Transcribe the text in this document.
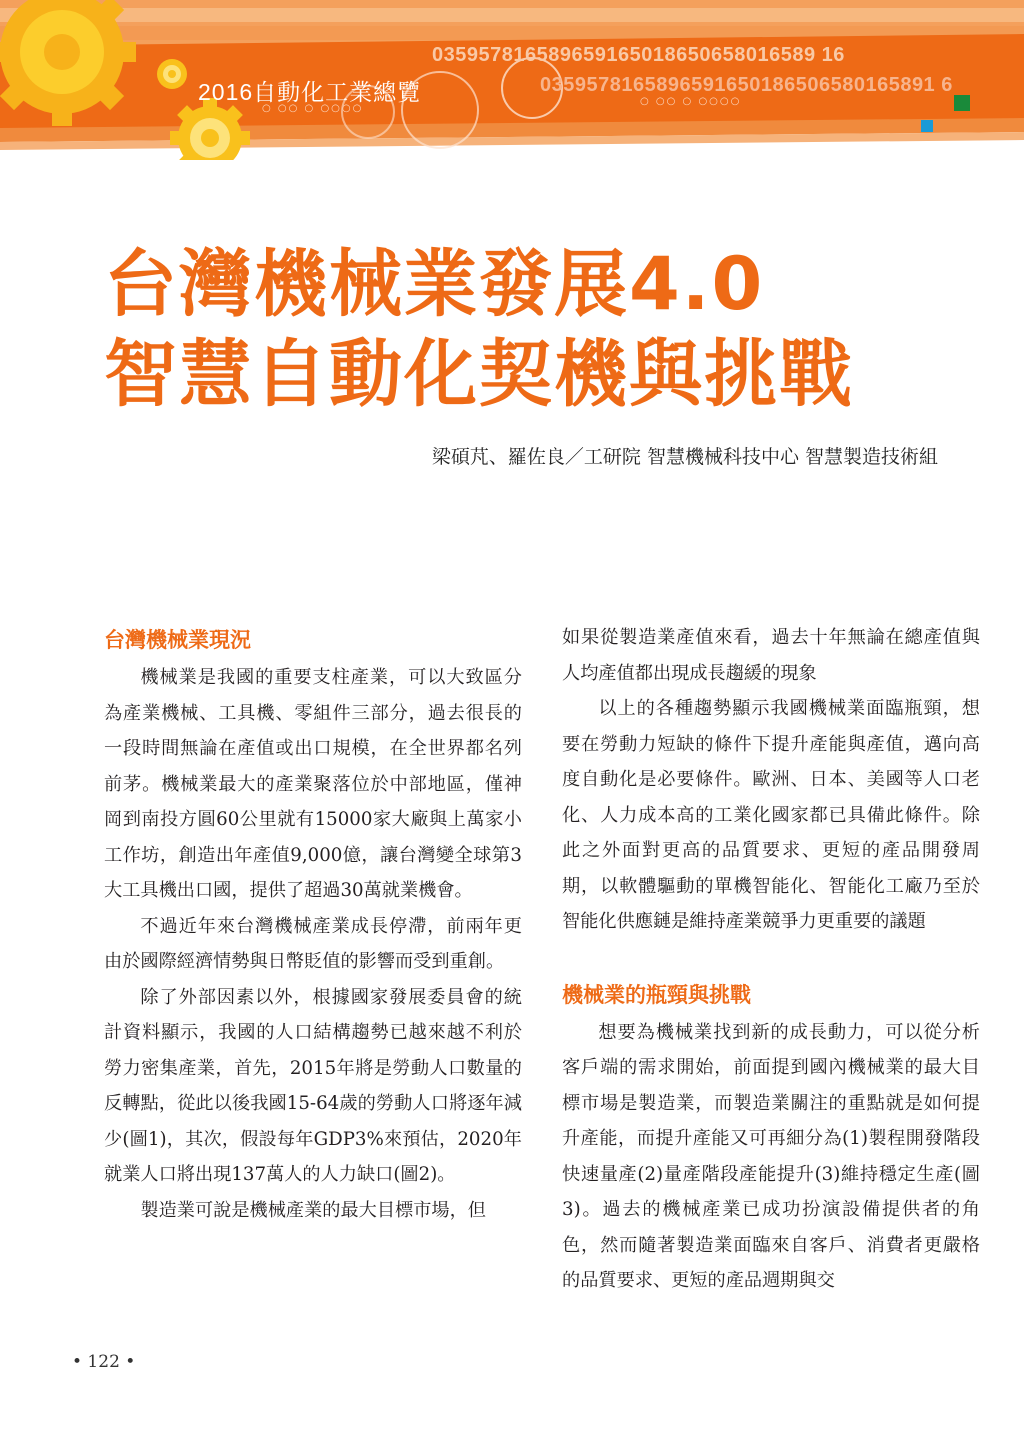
035957816589659165018650658016589 16
0359578165896591650186506580165891 6
2016自動化工業總覽
○ ○○ ○ ○○○○
○ ○○ ○ ○○○○
台灣機械業發展4.0
智慧自動化契機與挑戰
梁碩芃、羅佐良／工研院 智慧機械科技中心 智慧製造技術組
台灣機械業現況

機械業是我國的重要支柱產業，可以大致區分為產業機械、工具機、零組件三部分，過去很長的一段時間無論在產值或出口規模，在全世界都名列前茅。機械業最大的產業聚落位於中部地區，僅神岡到南投方圓60公里就有15000家大廠與上萬家小工作坊，創造出年產值9,000億，讓台灣變全球第3大工具機出口國，提供了超過30萬就業機會。

不過近年來台灣機械產業成長停滯，前兩年更由於國際經濟情勢與日幣貶值的影響而受到重創。

除了外部因素以外，根據國家發展委員會的統計資料顯示，我國的人口結構趨勢已越來越不利於勞力密集產業，首先，2015年將是勞動人口數量的反轉點，從此以後我國15-64歲的勞動人口將逐年減少(圖1)，其次，假設每年GDP3%來預估，2020年就業人口將出現137萬人的人力缺口(圖2)。

製造業可說是機械產業的最大目標市場，但

如果從製造業產值來看，過去十年無論在總產值與人均產值都出現成長趨緩的現象

以上的各種趨勢顯示我國機械業面臨瓶頸，想要在勞動力短缺的條件下提升產能與產值，邁向高度自動化是必要條件。歐洲、日本、美國等人口老化、人力成本高的工業化國家都已具備此條件。除此之外面對更高的品質要求、更短的產品開發周期，以軟體驅動的單機智能化、智能化工廠乃至於智能化供應鏈是維持產業競爭力更重要的議題

機械業的瓶頸與挑戰

想要為機械業找到新的成長動力，可以從分析客戶端的需求開始，前面提到國內機械業的最大目標市場是製造業，而製造業關注的重點就是如何提升產能，而提升產能又可再細分為(1)製程開發階段快速量產(2)量產階段產能提升(3)維持穩定生產(圖3)。過去的機械產業已成功扮演設備提供者的角色，然而隨著製造業面臨來自客戶、消費者更嚴格的品質要求、更短的產品週期與交

• 122 •
